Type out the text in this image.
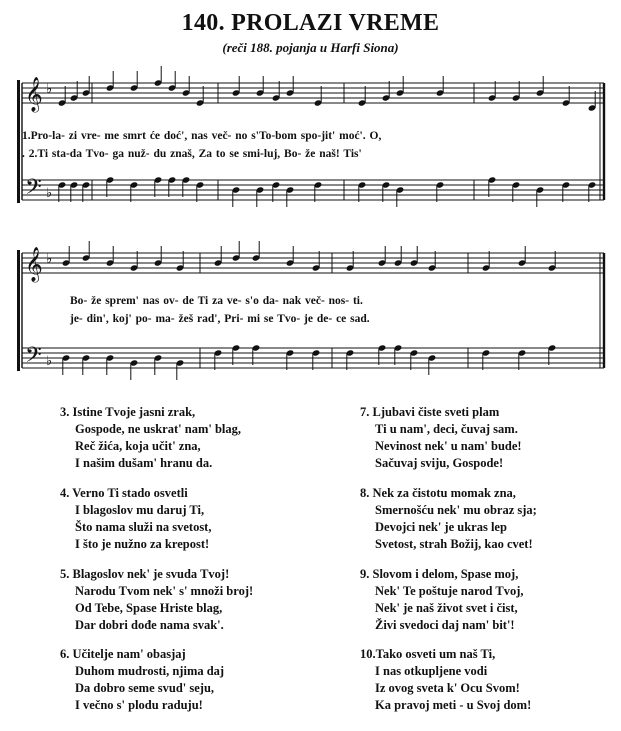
140. PROLAZI VREME
(reči 188. pojanja u Harfi Siona)
𝄞
𝄢
♭
♭
𝄞
𝄢
♭
♭
1.Pro-la- zi vre- me smrt će doć', nas več- no s'To-bom spo-jit' moć'. O,
. 2.Ti sta-da Tvo- ga nuž- du znaš, Za to se smi-luj, Bo- že naš! Tis'
Bo- že sprem' nas ov- de Ti za ve- s'o da- nak več- nos- ti.
je- din', koj' po- ma- žeš rad', Pri- mi se Tvo- je de- ce sad.
3. Istine Tvoje jasni zrak,
Gospode, ne uskrat' nam' blag,
Reč žića, koja učit' zna,
I našim dušam' hranu da.
4. Verno Ti stado osvetli
I blagoslov mu daruj Ti,
Što nama služi na svetost,
I što je nužno za krepost!
5. Blagoslov nek' je svuda Tvoj!
Narodu Tvom nek' s' množi broj!
Od Tebe, Spase Hriste blag,
Dar dobri dođe nama svak'.
6. Učitelje nam' obasjaj
Duhom mudrosti, njima daj
Da dobro seme svud' seju,
I večno s' plodu raduju!
7. Ljubavi čiste sveti plam
Ti u nam', deci, čuvaj sam.
Nevinost nek' u nam' bude!
Sačuvaj sviju, Gospode!
8. Nek za čistotu momak zna,
Smernošću nek' mu obraz sja;
Devojci nek' je ukras lep
Svetost, strah Božij, kao cvet!
9. Slovom i delom, Spase moj,
Nek' Te poštuje narod Tvoj,
Nek' je naš život svet i čist,
Živi svedoci daj nam' bit'!
10.Tako osveti um naš Ti,
I nas otkupljene vodi
Iz ovog sveta k' Ocu Svom!
Ka pravoj meti - u Svoj dom!
